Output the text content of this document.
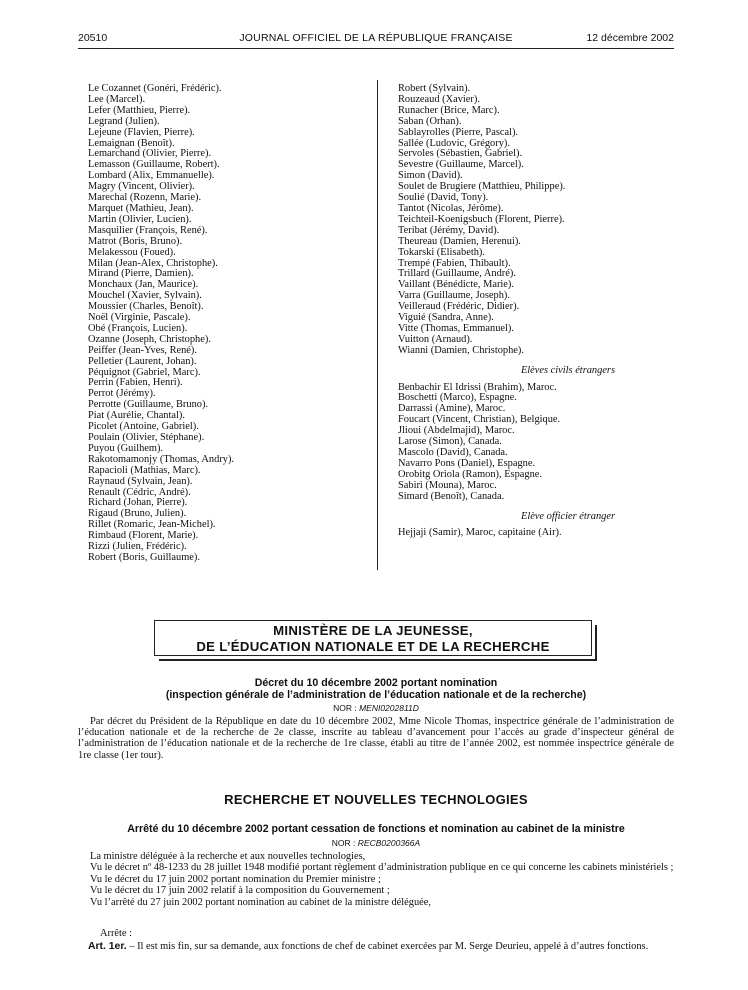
20510	JOURNAL OFFICIEL DE LA RÉPUBLIQUE FRANÇAISE	12 décembre 2002
Le Cozannet (Gonéri, Frédéric).
Lee (Marcel).
Lefer (Matthieu, Pierre).
Legrand (Julien).
Lejeune (Flavien, Pierre).
Lemaignan (Benoît).
Lemarchand (Olivier, Pierre).
Lemasson (Guillaume, Robert).
Lombard (Alix, Emmanuelle).
Magry (Vincent, Olivier).
Marechal (Rozenn, Marie).
Marquet (Mathieu, Jean).
Martin (Olivier, Lucien).
Masquilier (François, René).
Matrot (Boris, Bruno).
Melakessou (Foued).
Milan (Jean-Alex, Christophe).
Mirand (Pierre, Damien).
Monchaux (Jan, Maurice).
Mouchel (Xavier, Sylvain).
Moussier (Charles, Benoît).
Noël (Virginie, Pascale).
Obé (François, Lucien).
Ozanne (Joseph, Christophe).
Peiffer (Jean-Yves, René).
Pelletier (Laurent, Johan).
Péquignot (Gabriel, Marc).
Perrin (Fabien, Henri).
Perrot (Jérémy).
Perrotte (Guillaume, Bruno).
Piat (Aurélie, Chantal).
Picolet (Antoine, Gabriel).
Poulain (Olivier, Stéphane).
Puyou (Guilhem).
Rakotomamonjy (Thomas, Andry).
Rapacioli (Mathias, Marc).
Raynaud (Sylvain, Jean).
Renault (Cédric, André).
Richard (Johan, Pierre).
Rigaud (Bruno, Julien).
Rillet (Romaric, Jean-Michel).
Rimbaud (Florent, Marie).
Rizzi (Julien, Frédéric).
Robert (Boris, Guillaume).
Robert (Sylvain).
Rouzeaud (Xavier).
Runacher (Brice, Marc).
Saban (Orhan).
Sablayrolles (Pierre, Pascal).
Sallée (Ludovic, Grégory).
Servoles (Sébastien, Gabriel).
Sevestre (Guillaume, Marcel).
Simon (David).
Soulet de Brugiere (Matthieu, Philippe).
Soulié (David, Tony).
Tantot (Nicolas, Jérôme).
Teichteil-Koenigsbuch (Florent, Pierre).
Teribat (Jérémy, David).
Theureau (Damien, Herenui).
Tokarski (Elisabeth).
Trempé (Fabien, Thibault).
Trillard (Guillaume, André).
Vaillant (Bénédicte, Marie).
Varra (Guillaume, Joseph).
Veilleraud (Frédéric, Didier).
Viguié (Sandra, Anne).
Vitte (Thomas, Emmanuel).
Vuitton (Arnaud).
Wianni (Damien, Christophe).
Elèves civils étrangers
Benbachir El Idrissi (Brahim), Maroc.
Boschetti (Marco), Espagne.
Darrassi (Amine), Maroc.
Foucart (Vincent, Christian), Belgique.
Jlioui (Abdelmajid), Maroc.
Larose (Simon), Canada.
Mascolo (David), Canada.
Navarro Pons (Daniel), Espagne.
Orobitg Oriola (Ramon), Espagne.
Sabiri (Mouna), Maroc.
Simard (Benoît), Canada.
Elève officier étranger
Hejjaji (Samir), Maroc, capitaine (Air).
MINISTÈRE DE LA JEUNESSE,
DE L’ÉDUCATION NATIONALE ET DE LA RECHERCHE
Décret du 10 décembre 2002 portant nomination
(inspection générale de l’administration de l’éducation nationale et de la recherche)
NOR : MENI0202811D
Par décret du Président de la République en date du 10 décembre 2002, Mme Nicole Thomas, inspectrice générale de l’administration de l’éducation nationale et de la recherche de 2e classe, inscrite au tableau d’avancement pour l’accès au grade d’inspecteur général de l’administration de l’éducation nationale et de la recherche de 1re classe, établi au titre de l’année 2002, est nommée inspectrice générale de 1re classe (1er tour).
RECHERCHE ET NOUVELLES TECHNOLOGIES
Arrêté du 10 décembre 2002 portant cessation de fonctions et nomination au cabinet de la ministre
NOR : RECB0200366A
La ministre déléguée à la recherche et aux nouvelles technologies,
Vu le décret nº 48-1233 du 28 juillet 1948 modifié portant règlement d’administration publique en ce qui concerne les cabinets ministériels ;
Vu le décret du 17 juin 2002 portant nomination du Premier ministre ;
Vu le décret du 17 juin 2002 relatif à la composition du Gouvernement ;
Vu l’arrêté du 27 juin 2002 portant nomination au cabinet de la ministre déléguée,
Arrête :
Art. 1er. – Il est mis fin, sur sa demande, aux fonctions de chef de cabinet exercées par M. Serge Deurieu, appelé à d’autres fonctions.
